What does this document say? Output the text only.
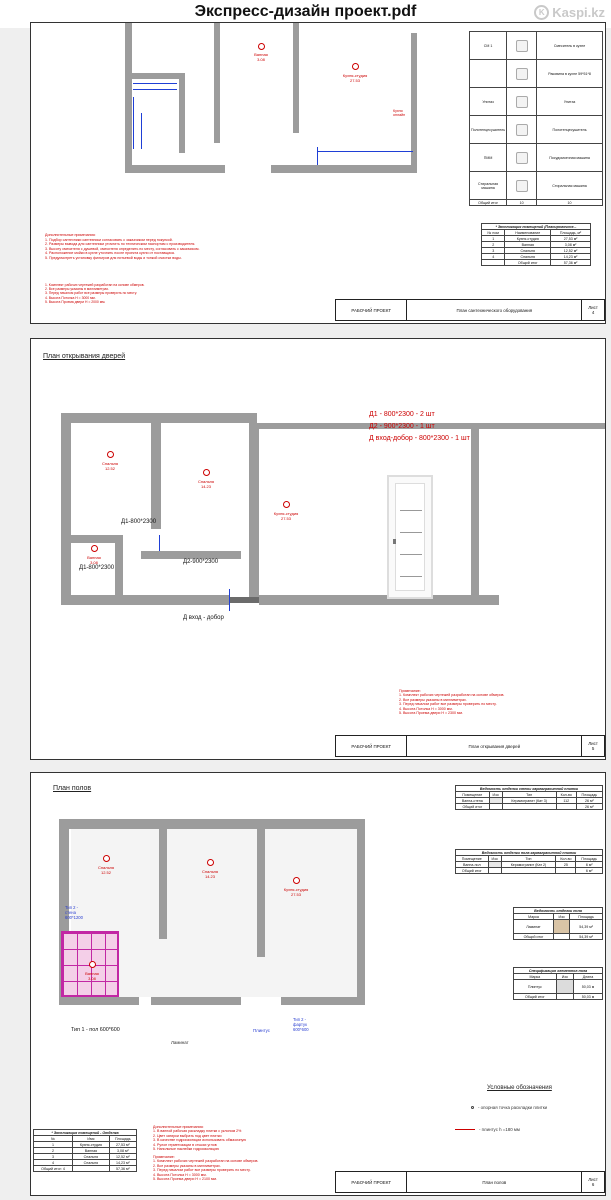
Экспресс-дизайн проект.pdf	K Kaspi.kz
Ванная
3.08
Кухня-студия
27.53
Кухня
онлайн
Дополнительные примечания:
1. Подбор сантехники сантехники согласовать с заказчиком перед покупкой.
2. Размеры вывода для сантехники уточнить по техническим паспортам с производителя.
3. Высоту смесителя с душевой, смесителя определить по месту, согласовать с заказчиком.
4. Расположение мойки в кухне уточнить после проекта кухни от поставщика.
5. Предусмотреть установку фильтров для питьевой воды и тонкой очистки воды.
1. Комплект рабочих чертежей разработан на основе обмеров.
2. Все размеры указаны в миллиметрах.
3. Перед началом работ все размеры проверить по месту.
4. Высота Потолка Н = 3000 мм.
5. Высота Проема двери Н = 2000 мм.
СМ 1		Смеситель в кухне

	Раковина в кухне 59*51*8
Унитаз		Унитаз
Полотенцесушитель		Полотенцесушитель
ПММ		Посудомоечная машина
Стиральная машина		Стиральная машина
Общий итог	10	10
* Экспликация помещений (Планировочное...		
№ пом	Наименование	Площадь, м²
1	Кухня-студия	27,53 м²
2	Ванная	3,08 м²
3	Спальня	12,52 м²
4	Спальня	14,23 м²
	Общий итог	57,36 м²
РАБОЧИЙ ПРОЕКТ	План сантехнического оборудования	Лист
4
План открывания дверей
Спальня
12.52
Спальня
14.23
Кухня-студия
27.53
Ванная
3.08
Д1-800*2300
Д1-800*2300
Д2-900*2300
Д вход - добор
Д1 - 800*2300 - 2 шт
Д2 - 900*2300 - 1 шт
Д вход-добор - 800*2300 - 1 шт
Примечание:
1. Комплект рабочих чертежей разработан на основе обмеров.
2. Все размеры указаны в миллиметрах.
3. Перед началом работ все размеры проверить по месту.
4. Высота Потолка Н = 3000 мм.
5. Высота Проема двери Н = 2300 мм.
РАБОЧИЙ ПРОЕКТ	План открывания дверей	Лист
5
План полов
Спальня
12.52	Спальня
14.23
Кухня-студия
27.53
Ванная
3.08
Тип 2 -
стена
600*1200
Тип 1 - пол 600*600
Ламинат
Плинтус
Тип 2 -
фартук
600*600
Ведомость отделки стены кармагранитной плитки				
Помещение	Изо	Тип	Кол-во	Площадь
Ванна-стена		Керамогранит (Кат 3)	112	26 м²
Общий итог				26 м²
Ведомость отделки пола кармагранитной плитки				
Помещение	Изо	Тип	Кол-во	Площадь
Ванна-пол		Керамогранит (Кат 2)	25	6 м²
Общий итог				6 м²
Ведомость отделки пола		
Марка	Изо	Площадь
Ламинат		54,39 м²
Общий итог		54,39 м²
Спецификация элементов пола		
Марка	Изо	Длина
Плинтус		50,03 м
Общий итог		50,03 м
Условные обозначения
- опорная точка раскладки плитки
- плинтус h =180 мм
* Экспликация помещений - Отделка		
№	Имя	Площадь
1	Кухня-студия	27,53 м²
2	Ванная	3,08 м²
3	Спальня	12,52 м²
4	Спальня	14,23 м²
Общий итог: 4		57,36 м²
Дополнительные примечания:
1. В ванной рабочая раскладку плитки с уклоном 2%
2. Цвет затирки выбрать под цвет плитки
3. В качестве гидроизоляции использовать обмазочную
4. Рулон герметизации в стыках углов
5. Напольные наклейки гидроизоляцию
Примечание:
1. Комплект рабочих чертежей разработан на основе обмеров.
2. Все размеры указаны в миллиметрах.
3. Перед началом работ все размеры проверить по месту.
4. Высота Потолка Н = 3000 мм.
5. Высота Проема двери Н = 2100 мм.
РАБОЧИЙ ПРОЕКТ	План полов	Лист
6
